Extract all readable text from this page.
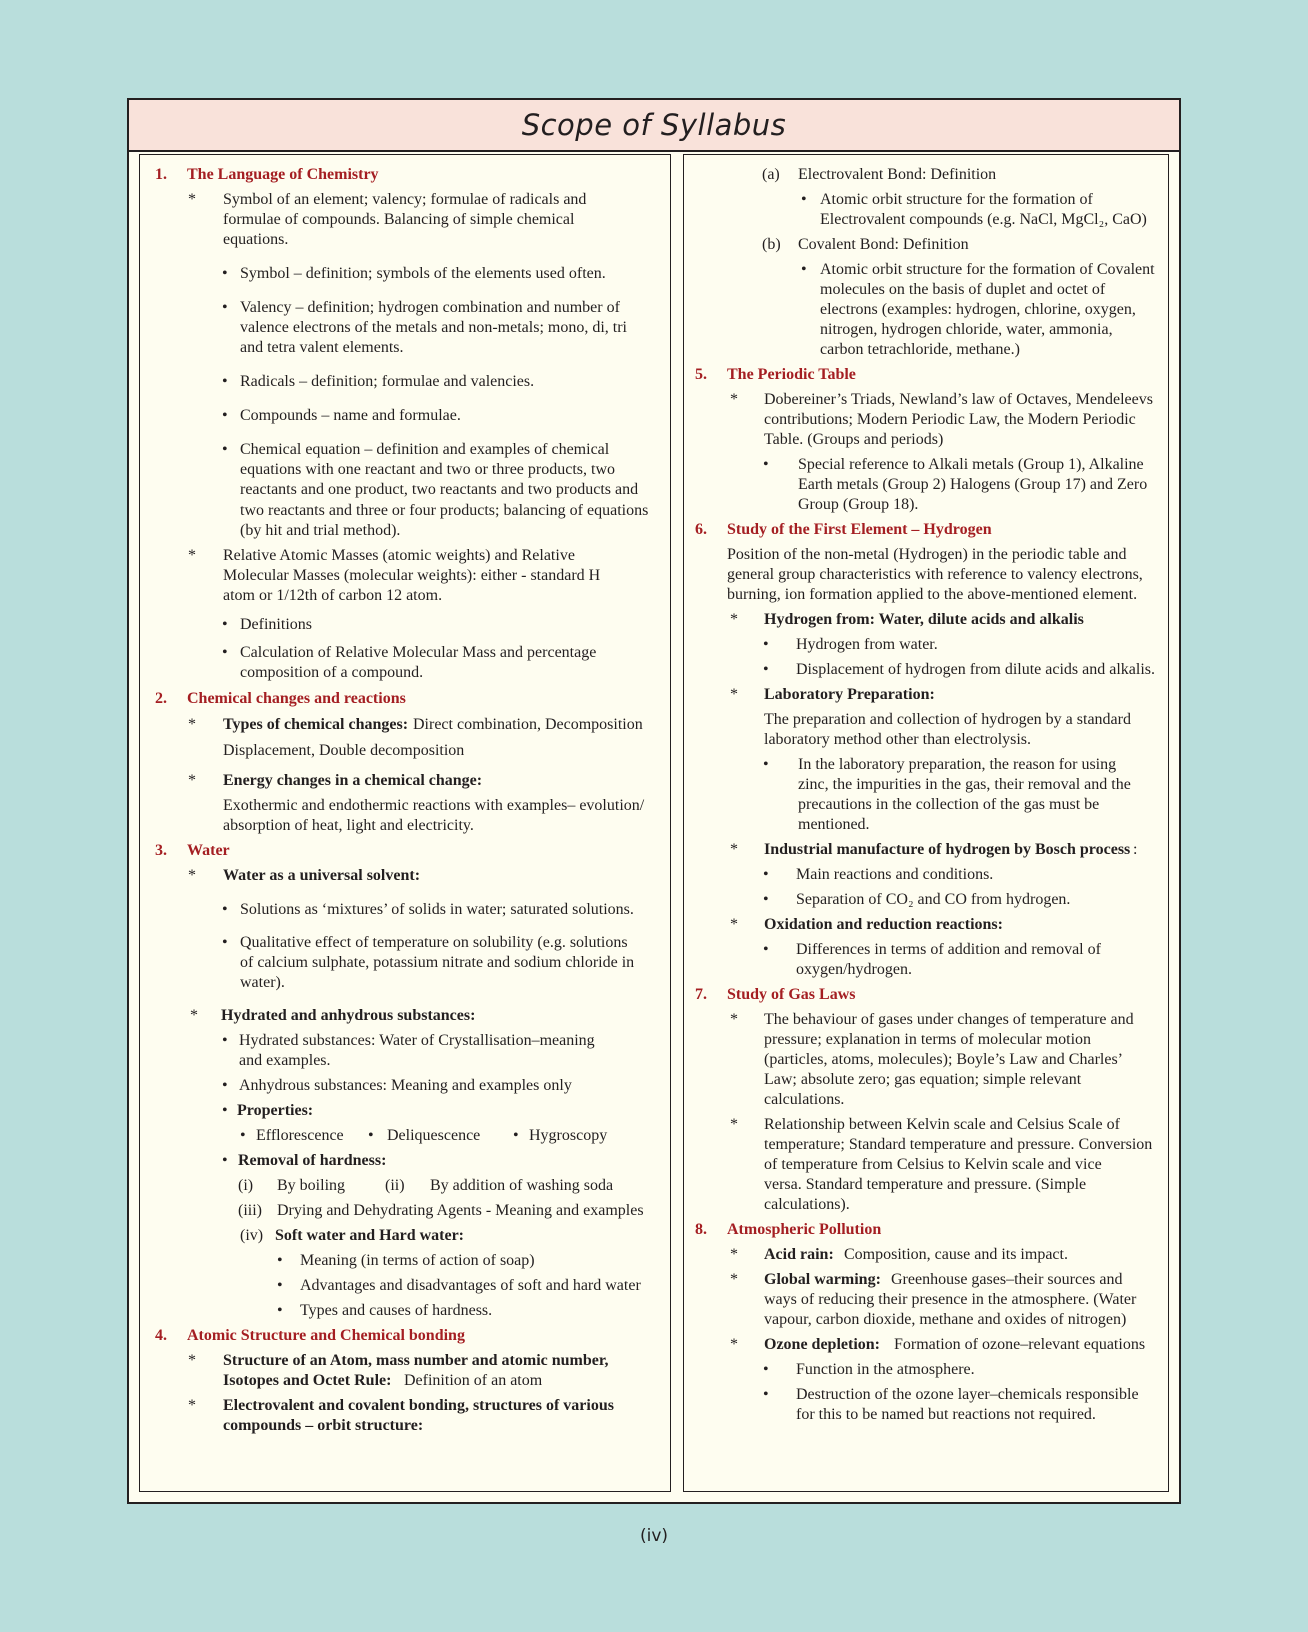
Scope of Syllabus
1. The Language of Chemistry
* Symbol of an element; valency; formulae of radicals and
formulae of compounds. Balancing of simple chemical
equations.
• Symbol – definition; symbols of the elements used often.
• Valency – definition; hydrogen combination and number of
valence electrons of the metals and non-metals; mono, di, tri
and tetra valent elements.
• Radicals – definition; formulae and valencies.
• Compounds – name and formulae.
• Chemical equation – definition and examples of chemical
equations with one reactant and two or three products, two
reactants and one product, two reactants and two products and
two reactants and three or four products; balancing of equations
(by hit and trial method).
* Relative Atomic Masses (atomic weights) and Relative
Molecular Masses (molecular weights): either - standard H
atom or 1/12th of carbon 12 atom.
• Definitions
• Calculation of Relative Molecular Mass and percentage
composition of a compound.
2. Chemical changes and reactions
* Types of chemical changes: Direct combination, Decomposition
Displacement, Double decomposition
* Energy changes in a chemical change:
Exothermic and endothermic reactions with examples– evolution/
absorption of heat, light and electricity.
3. Water
* Water as a universal solvent:
• Solutions as ‘mixtures’ of solids in water; saturated solutions.
• Qualitative effect of temperature on solubility (e.g. solutions
of calcium sulphate, potassium nitrate and sodium chloride in
water).
* Hydrated and anhydrous substances:
• Hydrated substances: Water of Crystallisation–meaning
and examples.
• Anhydrous substances: Meaning and examples only
• Properties:
• Efflorescence • Deliquescence • Hygroscopy
• Removal of hardness:
(i) By boiling (ii) By addition of washing soda
(iii) Drying and Dehydrating Agents - Meaning and examples
(iv) Soft water and Hard water:
• Meaning (in terms of action of soap)
• Advantages and disadvantages of soft and hard water
• Types and causes of hardness.
4. Atomic Structure and Chemical bonding
* Structure of an Atom, mass number and atomic number,
Isotopes and Octet Rule: Definition of an atom
* Electrovalent and covalent bonding, structures of various
compounds – orbit structure:
(a) Electrovalent Bond: Definition
• Atomic orbit structure for the formation of
Electrovalent compounds (e.g. NaCl, MgCl₂, CaO)
(b) Covalent Bond: Definition
• Atomic orbit structure for the formation of Covalent
molecules on the basis of duplet and octet of
electrons (examples: hydrogen, chlorine, oxygen,
nitrogen, hydrogen chloride, water, ammonia,
carbon tetrachloride, methane.)
5. The Periodic Table
* Dobereiner’s Triads, Newland’s law of Octaves, Mendeleevs
contributions; Modern Periodic Law, the Modern Periodic
Table. (Groups and periods)
• Special reference to Alkali metals (Group 1), Alkaline
Earth metals (Group 2) Halogens (Group 17) and Zero
Group (Group 18).
6. Study of the First Element – Hydrogen
Position of the non-metal (Hydrogen) in the periodic table and
general group characteristics with reference to valency electrons,
burning, ion formation applied to the above-mentioned element.
* Hydrogen from: Water, dilute acids and alkalis
• Hydrogen from water.
• Displacement of hydrogen from dilute acids and alkalis.
* Laboratory Preparation:
The preparation and collection of hydrogen by a standard
laboratory method other than electrolysis.
• In the laboratory preparation, the reason for using
zinc, the impurities in the gas, their removal and the
precautions in the collection of the gas must be
mentioned.
* Industrial manufacture of hydrogen by Bosch process :
• Main reactions and conditions.
• Separation of CO₂ and CO from hydrogen.
* Oxidation and reduction reactions:
• Differences in terms of addition and removal of
oxygen/hydrogen.
7. Study of Gas Laws
* The behaviour of gases under changes of temperature and
pressure; explanation in terms of molecular motion
(particles, atoms, molecules); Boyle’s Law and Charles’
Law; absolute zero; gas equation; simple relevant
calculations.
* Relationship between Kelvin scale and Celsius Scale of
temperature; Standard temperature and pressure. Conversion
of temperature from Celsius to Kelvin scale and vice
versa. Standard temperature and pressure. (Simple
calculations).
8. Atmospheric Pollution
* Acid rain: Composition, cause and its impact.
* Global warming: Greenhouse gases–their sources and
ways of reducing their presence in the atmosphere. (Water
vapour, carbon dioxide, methane and oxides of nitrogen)
* Ozone depletion: Formation of ozone–relevant equations
• Function in the atmosphere.
• Destruction of the ozone layer–chemicals responsible
for this to be named but reactions not required.
(iv)
